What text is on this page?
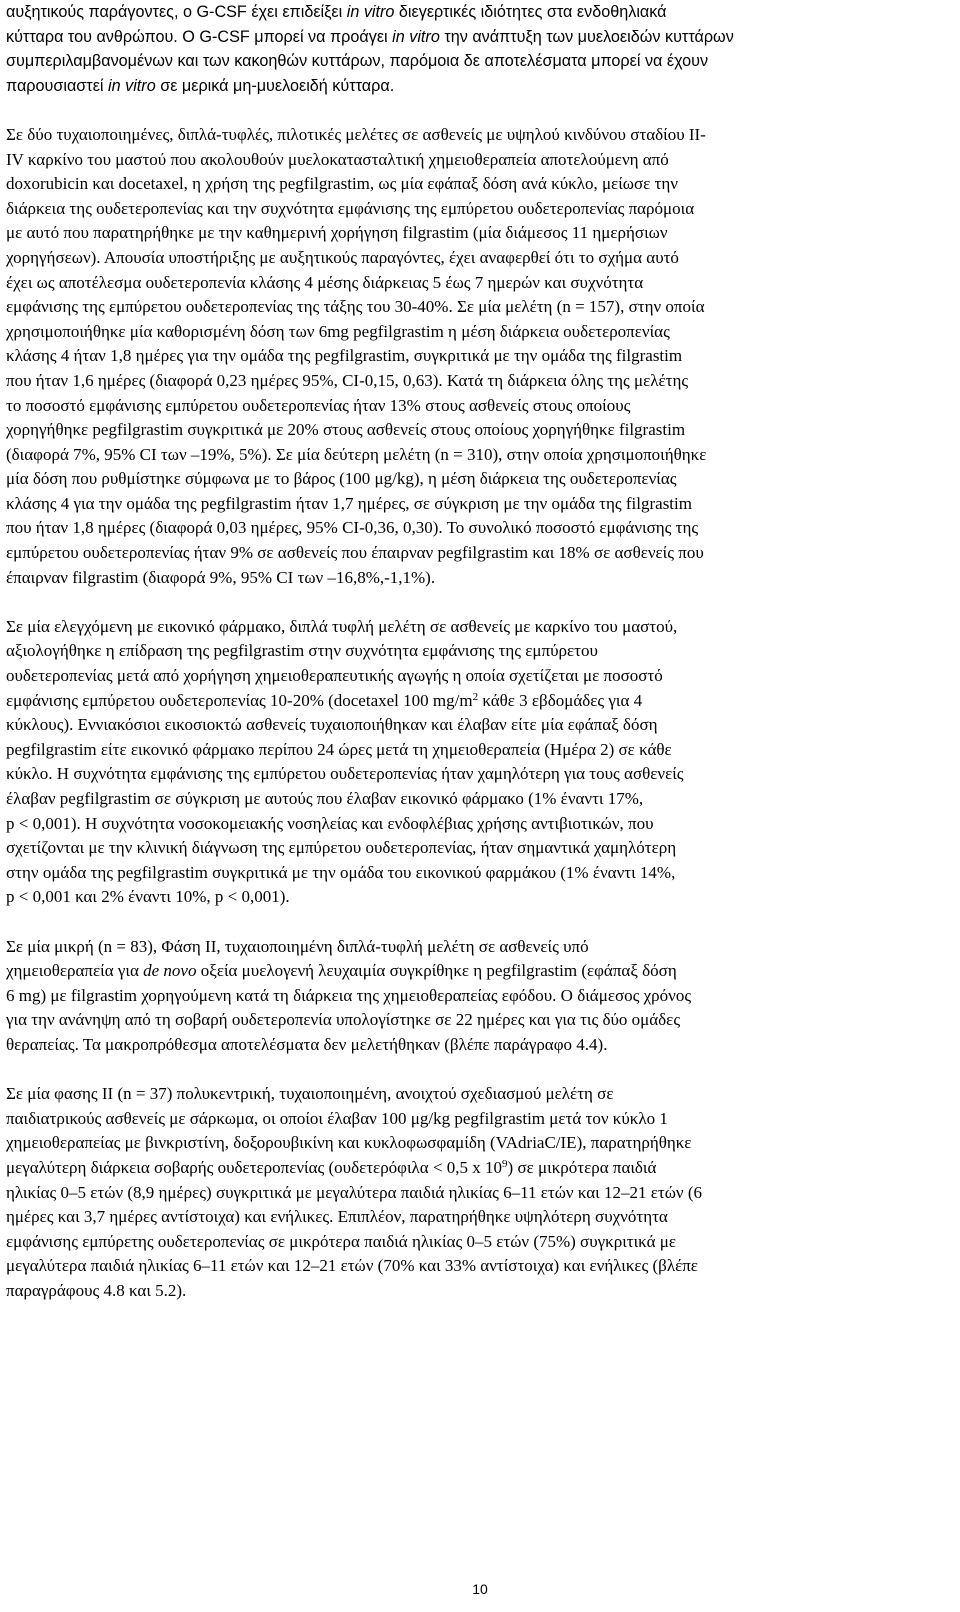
αυξητικούς παράγοντες, ο G-CSF έχει επιδείξει in vitro διεγερτικές ιδιότητες στα ενδοθηλιακά
κύτταρα του ανθρώπου. Ο G-CSF μπορεί να προάγει in vitro την ανάπτυξη των μυελοειδών κυττάρων
συμπεριλαμβανομένων και των κακοηθών κυττάρων, παρόμοια δε αποτελέσματα μπορεί να έχουν
παρουσιαστεί in vitro σε μερικά μη-μυελοειδή κύτταρα.
Σε δύο τυχαιοποιημένες, διπλά-τυφλές, πιλοτικές μελέτες σε ασθενείς με υψηλού κινδύνου σταδίου ΙΙ-
ΙV καρκίνο του μαστού που ακολουθούν μυελοκατασταλτική χημειοθεραπεία αποτελούμενη από
doxorubicin και docetaxel, η χρήση της pegfilgrastim, ως μία εφάπαξ δόση ανά κύκλο, μείωσε την
διάρκεια της ουδετεροπενίας και την συχνότητα εμφάνισης της εμπύρετου ουδετεροπενίας παρόμοια
με αυτό που παρατηρήθηκε με την καθημερινή χορήγηση filgrastim (μία διάμεσος 11 ημερήσιων
χορηγήσεων). Απουσία υποστήριξης με αυξητικούς παραγόντες, έχει αναφερθεί ότι το σχήμα αυτό
έχει ως αποτέλεσμα ουδετεροπενία κλάσης 4 μέσης διάρκειας 5 έως 7 ημερών και συχνότητα
εμφάνισης της εμπύρετου ουδετεροπενίας της τάξης του 30-40%. Σε μία μελέτη (n = 157), στην οποία
χρησιμοποιήθηκε μία καθορισμένη δόση των 6mg pegfilgrastim η μέση διάρκεια ουδετεροπενίας
κλάσης 4 ήταν 1,8 ημέρες για την ομάδα της pegfilgrastim, συγκριτικά με την ομάδα της filgrastim
που ήταν 1,6 ημέρες (διαφορά 0,23 ημέρες 95%, CI-0,15, 0,63). Κατά τη διάρκεια όλης της μελέτης
το ποσοστό εμφάνισης εμπύρετου ουδετεροπενίας ήταν 13% στους ασθενείς στους οποίους
χορηγήθηκε pegfilgrastim συγκριτικά με 20% στους ασθενείς στους οποίους χορηγήθηκε filgrastim
(διαφορά 7%, 95% CI των –19%, 5%). Σε μία δεύτερη μελέτη (n = 310), στην οποία χρησιμοποιήθηκε
μία δόση που ρυθμίστηκε σύμφωνα με το βάρος (100 μg/kg), η μέση διάρκεια της ουδετεροπενίας
κλάσης 4 για την ομάδα της pegfilgrastim ήταν 1,7 ημέρες, σε σύγκριση με την ομάδα της filgrastim
που ήταν 1,8 ημέρες (διαφορά 0,03 ημέρες, 95% CI-0,36, 0,30). Το συνολικό ποσοστό εμφάνισης της
εμπύρετου ουδετεροπενίας ήταν 9% σε ασθενείς που έπαιρναν pegfilgrastim και 18% σε ασθενείς που
έπαιρναν filgrastim (διαφορά 9%, 95% CI των –16,8%,-1,1%).
Σε μία ελεγχόμενη με εικονικό φάρμακο, διπλά τυφλή μελέτη σε ασθενείς με καρκίνο του μαστού,
αξιολογήθηκε η επίδραση της pegfilgrastim στην συχνότητα εμφάνισης της εμπύρετου
ουδετεροπενίας μετά από χορήγηση χημειοθεραπευτικής αγωγής η οποία σχετίζεται με ποσοστό
εμφάνισης εμπύρετου ουδετεροπενίας 10-20% (docetaxel 100 $mg/m^2$ κάθε 3 εβδομάδες για 4
κύκλους). Εννιακόσιοι εικοσιοκτώ ασθενείς τυχαιοποιήθηκαν και έλαβαν είτε μία εφάπαξ δόση
pegfilgrastim είτε εικονικό φάρμακο περίπου 24 ώρες μετά τη χημειοθεραπεία (Ημέρα 2) σε κάθε
κύκλο. Η συχνότητα εμφάνισης της εμπύρετου ουδετεροπενίας ήταν χαμηλότερη για τους ασθενείς
έλαβαν pegfilgrastim σε σύγκριση με αυτούς που έλαβαν εικονικό φάρμακο (1% έναντι 17%,
p < 0,001). Η συχνότητα νοσοκομειακής νοσηλείας και ενδοφλέβιας χρήσης αντιβιοτικών, που
σχετίζονται με την κλινική διάγνωση της εμπύρετου ουδετεροπενίας, ήταν σημαντικά χαμηλότερη
στην ομάδα της pegfilgrastim συγκριτικά με την ομάδα του εικονικού φαρμάκου (1% έναντι 14%,
p < 0,001 και 2% έναντι 10%, p < 0,001).
Σε μία μικρή (n = 83), Φάση ΙΙ, τυχαιοποιημένη διπλά-τυφλή μελέτη σε ασθενείς υπό
χημειοθεραπεία για de novo οξεία μυελογενή λευχαιμία συγκρίθηκε η pegfilgrastim (εφάπαξ δόση
6 mg) με filgrastim χορηγούμενη κατά τη διάρκεια της χημειοθεραπείας εφόδου. Ο διάμεσος χρόνος
για την ανάνηψη από τη σοβαρή ουδετεροπενία υπολογίστηκε σε 22 ημέρες και για τις δύο ομάδες
θεραπείας. Τα μακροπρόθεσμα αποτελέσματα δεν μελετήθηκαν (βλέπε παράγραφο 4.4).
Σε μία φασης ΙΙ (n = 37) πολυκεντρική, τυχαιοποιημένη, ανοιχτού σχεδιασμού μελέτη σε
παιδιατρικούς ασθενείς με σάρκωμα, οι οποίοι έλαβαν 100 μg/kg pegfilgrastim μετά τον κύκλο 1
χημειοθεραπείας με βινκριστίνη, δοξορουβικίνη και κυκλοφωσφαμίδη (VAdriaC/IE), παρατηρήθηκε
μεγαλύτερη διάρκεια σοβαρής ουδετεροπενίας (ουδετερόφιλα < 0,5 x $10^9$) σε μικρότερα παιδιά
ηλικίας 0–5 ετών (8,9 ημέρες) συγκριτικά με μεγαλύτερα παιδιά ηλικίας 6–11 ετών και 12–21 ετών (6
ημέρες και 3,7 ημέρες αντίστοιχα) και ενήλικες. Επιπλέον, παρατηρήθηκε υψηλότερη συχνότητα
εμφάνισης εμπύρετης ουδετεροπενίας σε μικρότερα παιδιά ηλικίας 0–5 ετών (75%) συγκριτικά με
μεγαλύτερα παιδιά ηλικίας 6–11 ετών και 12–21 ετών (70% και 33% αντίστοιχα) και ενήλικες (βλέπε
παραγράφους 4.8 και 5.2).
10
